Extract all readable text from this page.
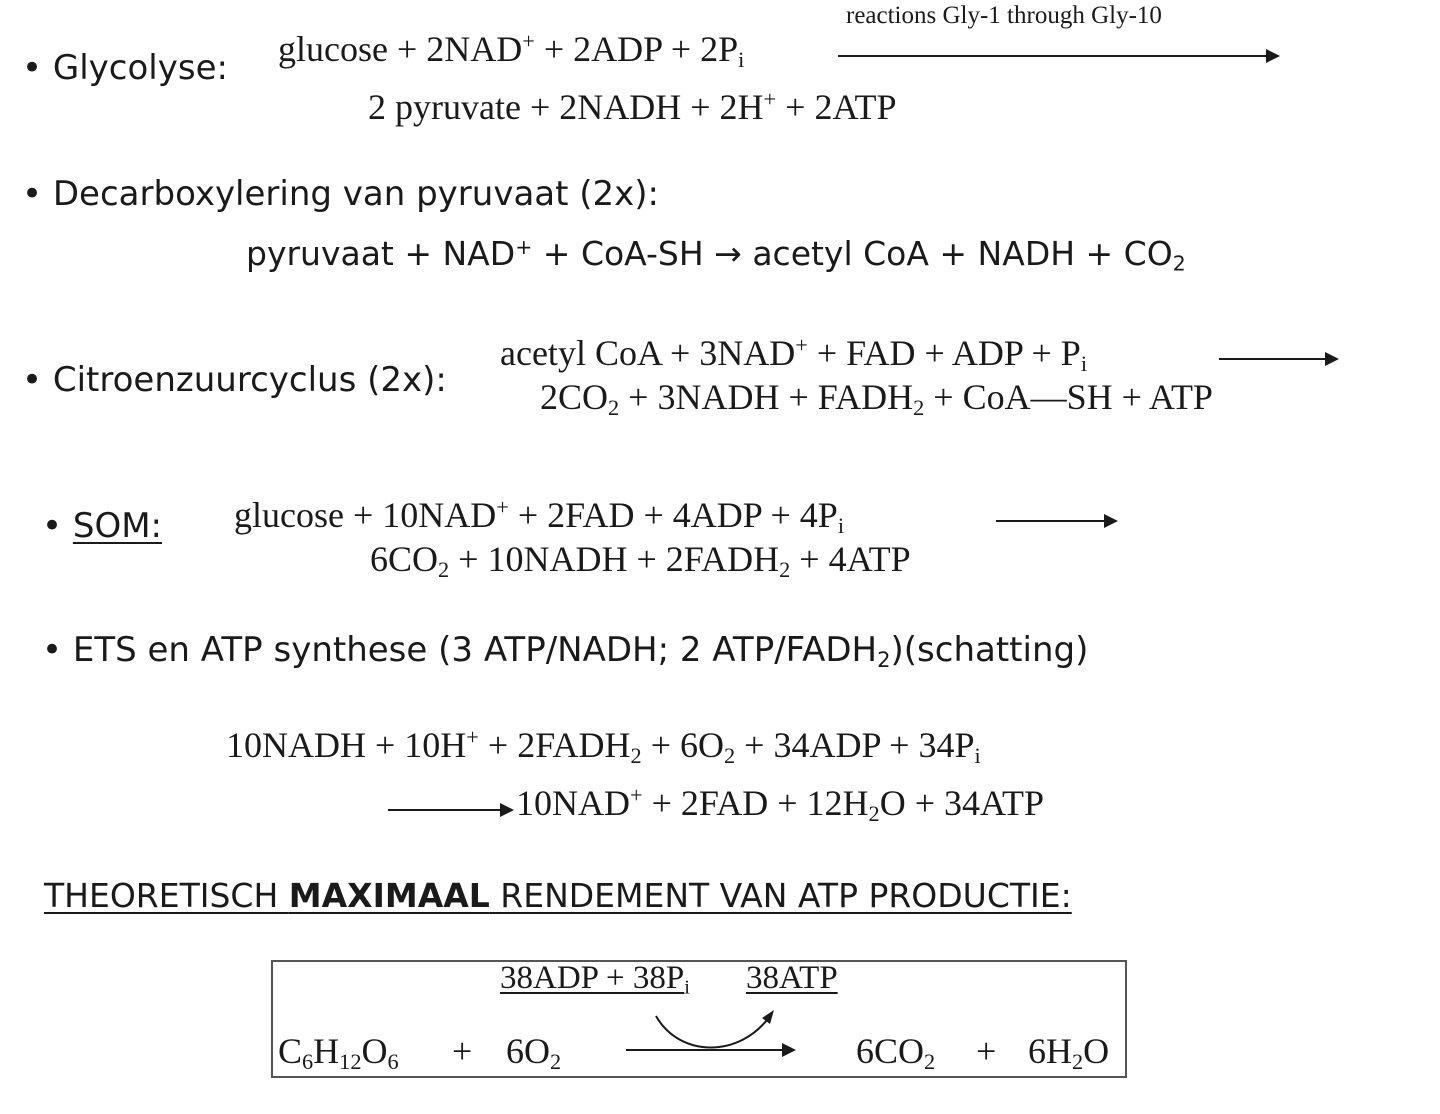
• Glycolyse:
reactions Gly-1 through Gly-10
$glucose + 2NAD^+ + 2ADP + 2P_i$
2 pyruvate + 2NADH + 2H+ + 2ATP
• Decarboxylering van pyruvaat (2x):
pyruvaat + NAD+ + CoA-SH → acetyl CoA + NADH + $CO_2$
• Citroenzuurcyclus (2x):
acetyl CoA + 3NAD+ + FAD + ADP + $P_i$
$2CO_2$ + 3NADH + $FADH_2$ + CoA—SH + ATP
• SOM: $glucose + 10NAD^+ + 2FAD + 4ADP + 4P_i$
$6CO_2$ + 10NADH + $2FADH_2 + 4ATP$
• ETS en ATP synthese (3 ATP/NADH; 2 ATP/$FADH_2)(schatting)$
10NADH + $10H^+ + 2FADH_2 + 6O_2 + 34ADP + 34P_i$
$10NAD^+ + 2FAD + 12H_2O + 34ATP$
THEORETISCH MAXIMAAL RENDEMENT VAN ATP PRODUCTIE:
$38ADP + 38P_i$ 38ATP
$C_6H_{12}O_6 + 6O_2$	$6CO_2 + 6H_2O$
